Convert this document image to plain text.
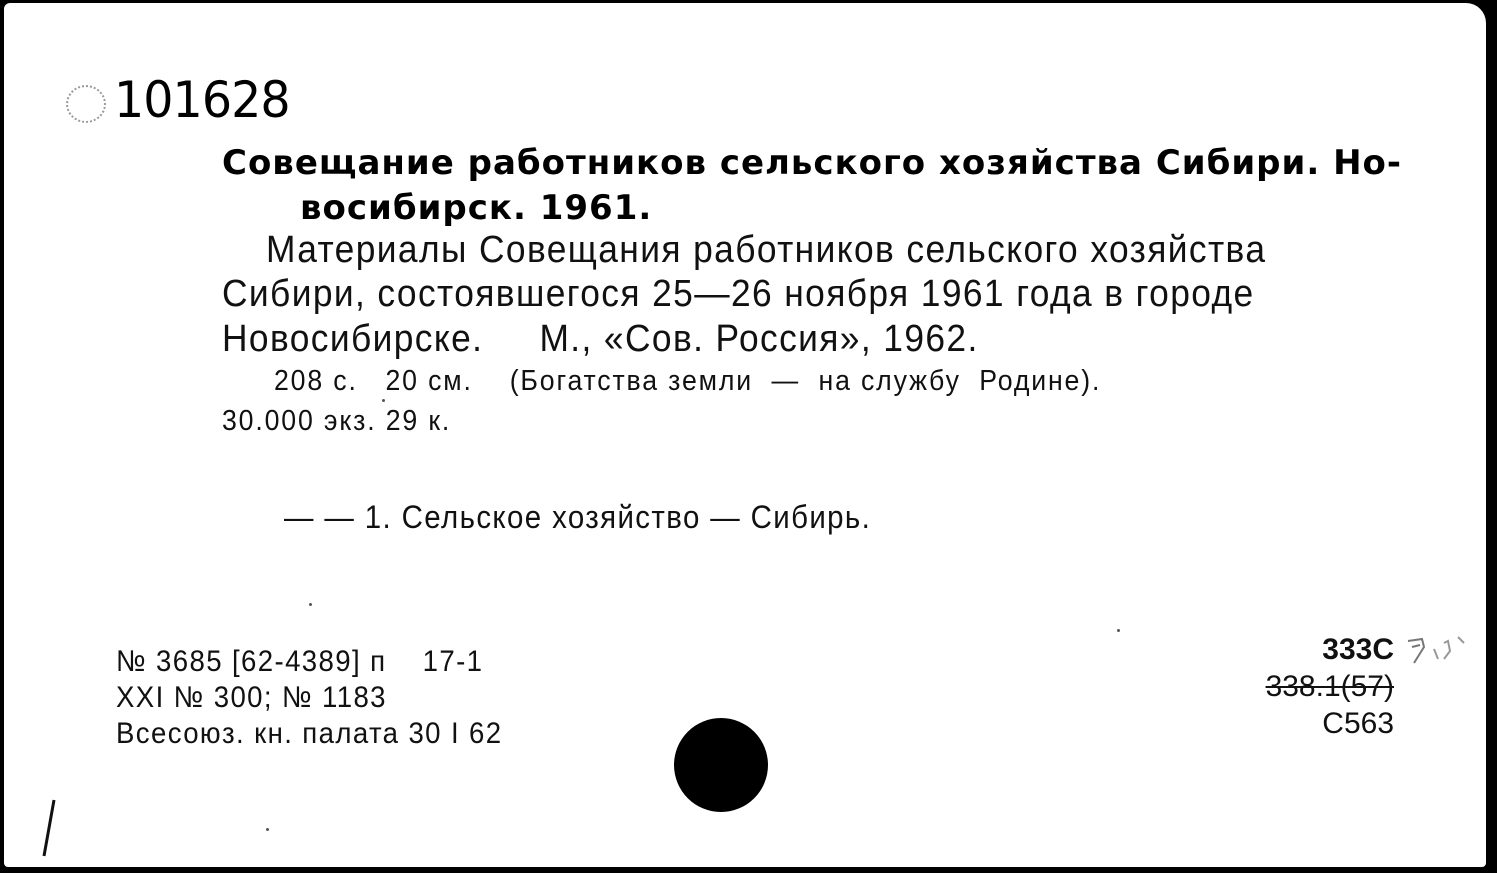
101628
Совещание работников сельского хозяйства Сибири. Но-
восибирск. 1961.
Материалы Совещания работников сельского хозяйства
Сибири, состоявшегося 25—26 ноября 1961 года в городе
Новосибирске.     М., «Сов. Россия», 1962.
208 с.   20 см.    (Богатства земли  —  на службу  Родине).
30.000 экз. 29 к.
— — 1. Сельское хозяйство — Сибирь.
№ 3685 [62-4389] п    17-1
XXI № 300; № 1183
Всесоюз. кн. палата 30 I 62
333С
338.1(57)
С563
